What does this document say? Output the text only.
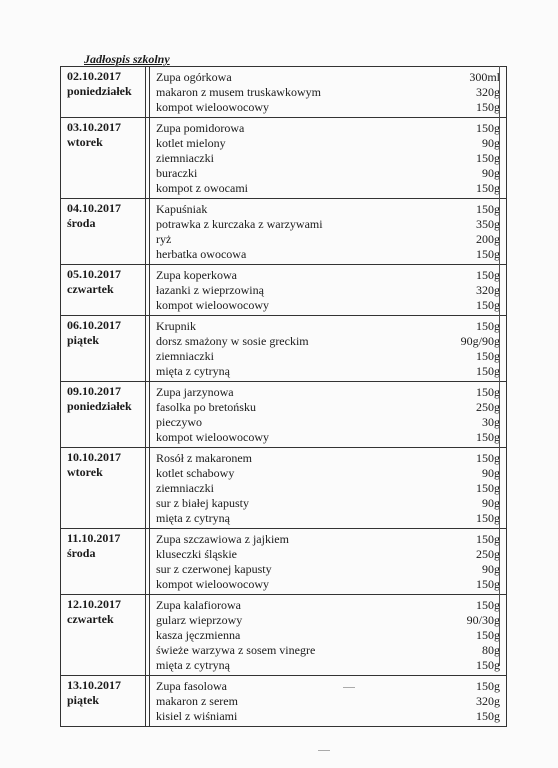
Jadłospis szkolny
02.10.2017
poniedziałek
Zupa ogórkowa	300ml
makaron z musem truskawkowym	320g
kompot wieloowocowy	150g
03.10.2017
wtorek
Zupa pomidorowa	150g
kotlet mielony	90g
ziemniaczki	150g
buraczki	90g
kompot z owocami	150g
04.10.2017
środa
Kapuśniak	150g
potrawka z kurczaka z warzywami	350g
ryż	200g
herbatka owocowa	150g
05.10.2017
czwartek
Zupa koperkowa	150g
łazanki z wieprzowiną	320g
kompot wieloowocowy	150g
06.10.2017
piątek
Krupnik	150g
dorsz smażony w sosie greckim	90g/90g
ziemniaczki	150g
mięta z cytryną	150g
09.10.2017
poniedziałek
Zupa jarzynowa	150g
fasolka po bretońsku	250g
pieczywo	30g
kompot wieloowocowy	150g
10.10.2017
wtorek
Rosół z makaronem	150g
kotlet schabowy	90g
ziemniaczki	150g
sur z białej kapusty	90g
mięta z cytryną	150g
11.10.2017
środa
Zupa szczawiowa z jajkiem	150g
kluseczki śląskie	250g
sur z czerwonej kapusty	90g
kompot wieloowocowy	150g
12.10.2017
czwartek
Zupa kalafiorowa	150g
gularz wieprzowy	90/30g
kasza jęczmienna	150g
świeże warzywa z sosem vinegre	80g
mięta z cytryną	150g
13.10.2017
piątek
Zupa fasolowa	150g
makaron z serem	320g
kisiel z wiśniami	150g
